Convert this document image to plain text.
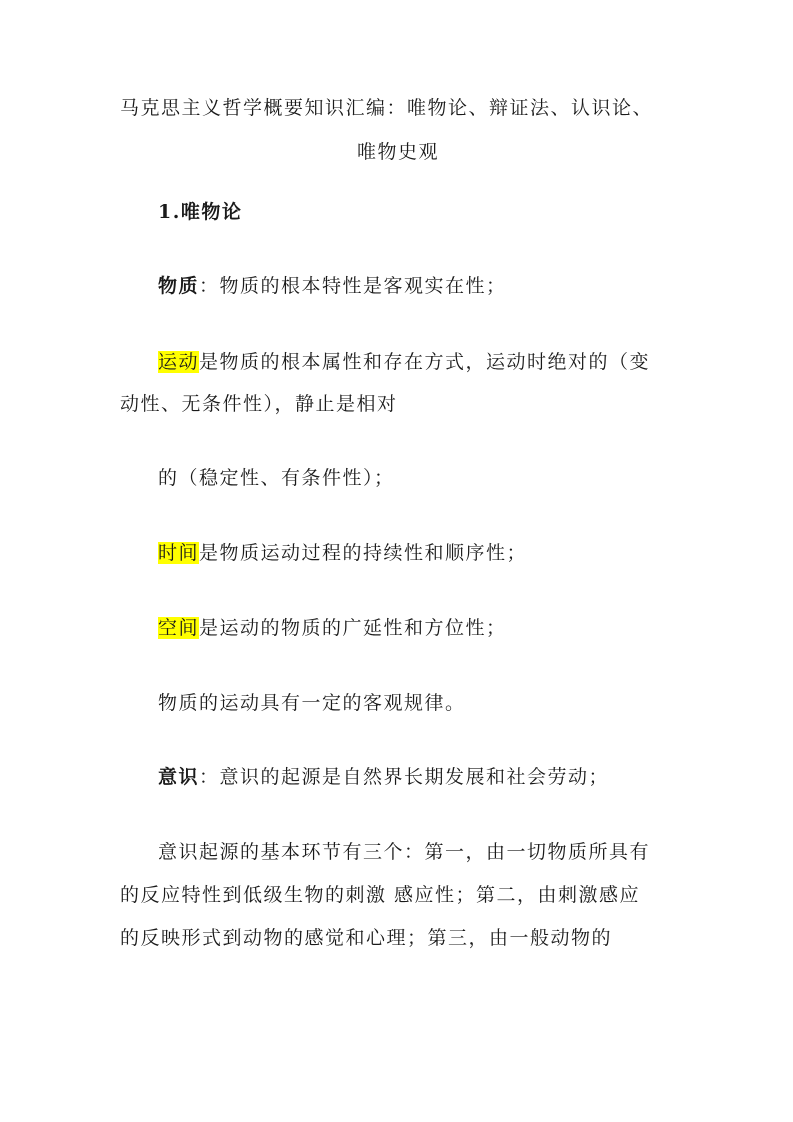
马克思主义哲学概要知识汇编：唯物论、辩证法、认识论、
唯物史观
1.唯物论
物质：物质的根本特性是客观实在性；
运动是物质的根本属性和存在方式，运动时绝对的（变
动性、无条件性），静止是相对
的（稳定性、有条件性）；
时间是物质运动过程的持续性和顺序性；
空间是运动的物质的广延性和方位性；
物质的运动具有一定的客观规律。
意识：意识的起源是自然界长期发展和社会劳动；
意识起源的基本环节有三个：第一，由一切物质所具有
的反应特性到低级生物的刺激 感应性；第二，由刺激感应
的反映形式到动物的感觉和心理；第三，由一般动物的
